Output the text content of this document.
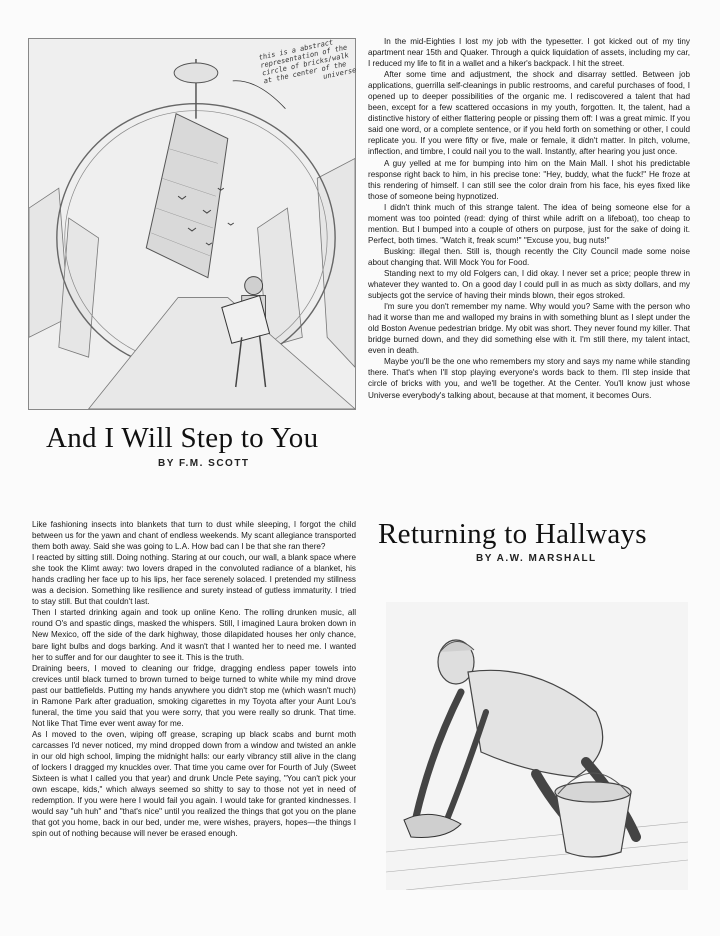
this is a abstract
representation of the
circle of bricks/walk
at the center of the
universe
And I Will Step to You
BY F.M. SCOTT

In the mid-Eighties I lost my job with the typesetter. I got kicked out of my tiny apartment near 15th and Quaker. Through a quick liquidation of assets, including my car, I reduced my life to fit in a wallet and a hiker's backpack. I hit the street.

After some time and adjustment, the shock and disarray settled. Between job applications, guerrilla self-cleanings in public restrooms, and careful purchases of food, I opened up to deeper possibilities of the organic me. I rediscovered a talent that had been, except for a few scattered occasions in my youth, forgotten. It, the talent, had a distinctive history of either flattering people or pissing them off: I was a great mimic. If you said one word, or a complete sentence, or if you held forth on something or other, I could replicate you. If you were fifty or five, male or female, it didn't matter. In pitch, volume, inflection, and timbre, I could nail you to the wall. Instantly, after hearing you just once.

A guy yelled at me for bumping into him on the Main Mall. I shot his predictable response right back to him, in his precise tone: "Hey, buddy, what the fuck!" He froze at this rendering of himself. I can still see the color drain from his face, his eyes fixed like those of someone being hypnotized.

I didn't think much of this strange talent. The idea of being someone else for a moment was too pointed (read: dying of thirst while adrift on a lifeboat), too cheap to mention. But I bumped into a couple of others on purpose, just for the sake of doing it. Perfect, both times. "Watch it, freak scum!" "Excuse you, bug nuts!"

Busking: illegal then. Still is, though recently the City Council made some noise about changing that. Will Mock You for Food.

Standing next to my old Folgers can, I did okay. I never set a price; people threw in whatever they wanted to. On a good day I could pull in as much as sixty dollars, and my subjects got the service of having their minds blown, their egos stroked.

I'm sure you don't remember my name. Why would you? Same with the person who had it worse than me and walloped my brains in with something blunt as I slept under the old Boston Avenue pedestrian bridge. My obit was short. They never found my killer. That bridge burned down, and they did something else with it. I'm still there, my talent intact, even in death.

Maybe you'll be the one who remembers my story and says my name while standing there. That's when I'll stop playing everyone's words back to them. I'll step inside that circle of bricks with you, and we'll be together. At the Center. You'll know just whose Universe everybody's talking about, because at that moment, it becomes Ours.

Like fashioning insects into blankets that turn to dust while sleeping, I forgot the child between us for the yawn and chant of endless weekends. My scant allegiance transported them both away. Said she was going to L.A. How bad can I be that she ran there?

I reacted by sitting still. Doing nothing. Staring at our couch, our wall, a blank space where she took the Klimt away: two lovers draped in the convoluted radiance of a blanket, his hands cradling her face up to his lips, her face serenely solaced. I pretended my stillness was a decision. Something like resilience and surety instead of gutless immaturity. I tried to stay still. But that couldn't last.

Then I started drinking again and took up online Keno. The rolling drunken music, all round O's and spastic dings, masked the whispers. Still, I imagined Laura broken down in New Mexico, off the side of the dark highway, those dilapidated houses her only chance, bare light bulbs and dogs barking. And it wasn't that I wanted her to need me. I wanted her to suffer and for our daughter to see it. This is the truth.

Draining beers, I moved to cleaning our fridge, dragging endless paper towels into crevices until black turned to brown turned to beige turned to white while my mind drove past our battlefields. Putting my hands anywhere you didn't stop me (which wasn't much) in Ramone Park after graduation, smoking cigarettes in my Toyota after your Aunt Lou's funeral, the time you said that you were sorry, that you were really so drunk. That time. Not like That Time ever went away for me.

As I moved to the oven, wiping off grease, scraping up black scabs and burnt moth carcasses I'd never noticed, my mind dropped down from a window and twisted an ankle in our old high school, limping the midnight halls: our early vibrancy still alive in the clang of lockers I dragged my knuckles over. That time you came over for Fourth of July (Sweet Sixteen is what I called you that year) and drunk Uncle Pete saying, "You can't pick your own escape, kids," which always seemed so shitty to say to those not yet in need of redemption. If you were here I would fail you again. I would take for granted kindnesses. I would say "uh huh" and "that's nice" until you realized the things that got you on the plane that got you home, back in our bed, under me, were wishes, prayers, hopes—the things I spin out of nothing because will never be erased enough.

Returning to Hallways
BY A.W. MARSHALL
